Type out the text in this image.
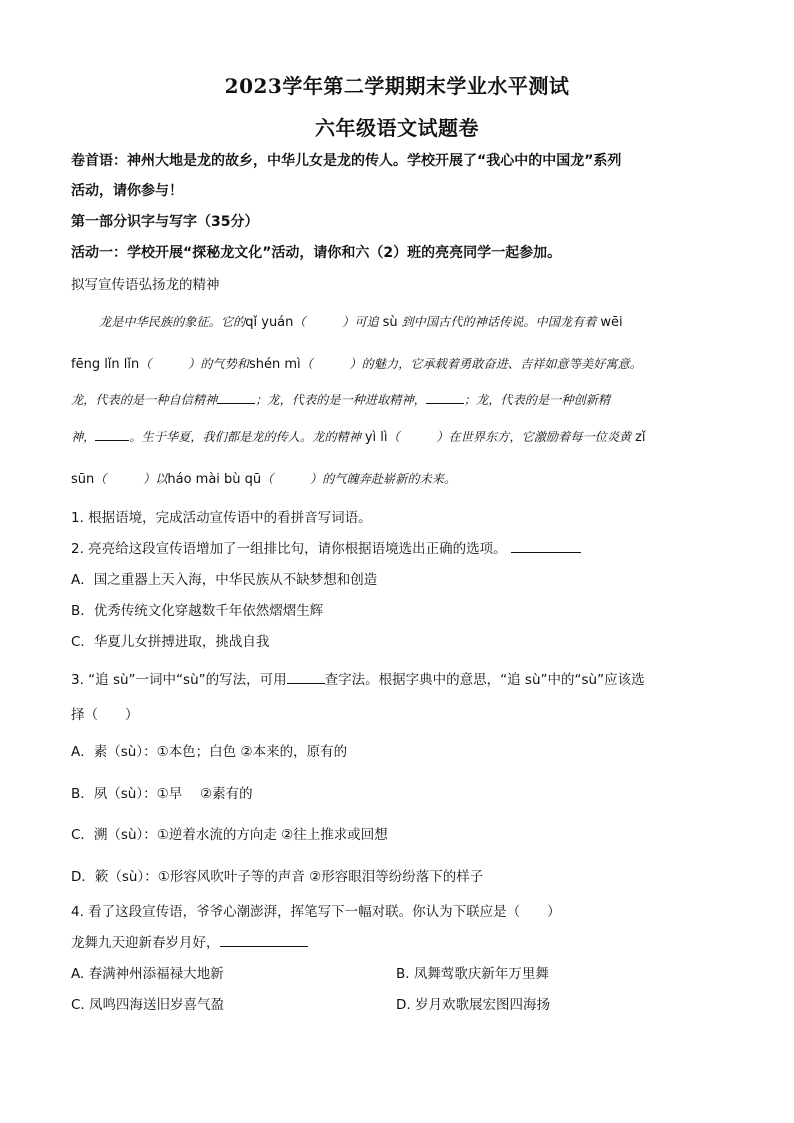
2023学年第二学期期末学业水平测试
六年级语文试题卷
卷首语：神州大地是龙的故乡，中华儿女是龙的传人。学校开展了“我心中的中国龙”系列
活动，请你参与！
第一部分识字与写字（35分）
活动一：学校开展“探秘龙文化”活动，请你和六（2）班的亮亮同学一起参加。
拟写宣传语弘扬龙的精神
龙是中华民族的象征。它的qǐ yuán（　　　）可追 sù 到中国古代的神话传说。中国龙有着 wēi
fēng lǐn lǐn（　　　）的气势和shén mì（　　　）的魅力，它承载着勇敢奋进、吉祥如意等美好寓意。
龙，代表的是一种自信精神	；龙，代表的是一种进取精神，	；龙，代表的是一种创新精
神，	。生于华夏，我们都是龙的传人。龙的精神 yì lì（　　　）在世界东方，它激励着每一位炎黄 zǐ
sūn（　　　）以háo mài bù qū（　　　）的气魄奔赴崭新的未来。
1. 根据语境，完成活动宣传语中的看拼音写词语。
2. 亮亮给这段宣传语增加了一组排比句，请你根据语境选出正确的选项。
A．国之重器上天入海，中华民族从不缺梦想和创造
B．优秀传统文化穿越数千年依然熠熠生辉
C．华夏儿女拼搏进取，挑战自我
3. “追 sù”一词中“sù”的写法，可用	查字法。根据字典中的意思，“追 sù”中的“sù”应该选
择（　　）
A．素（sù）：①本色；白色 ②本来的，原有的
B．夙（sù）：①早　 ②素有的
C．溯（sù）：①逆着水流的方向走 ②往上推求或回想
D．簌（sù）：①形容风吹叶子等的声音 ②形容眼泪等纷纷落下的样子
4. 看了这段宣传语，爷爷心潮澎湃，挥笔写下一幅对联。你认为下联应是（　　）
龙舞九天迎新春岁月好，
A. 春满神州添福禄大地新	B. 凤舞莺歌庆新年万里舞
C. 凤鸣四海送旧岁喜气盈	D. 岁月欢歌展宏图四海扬
